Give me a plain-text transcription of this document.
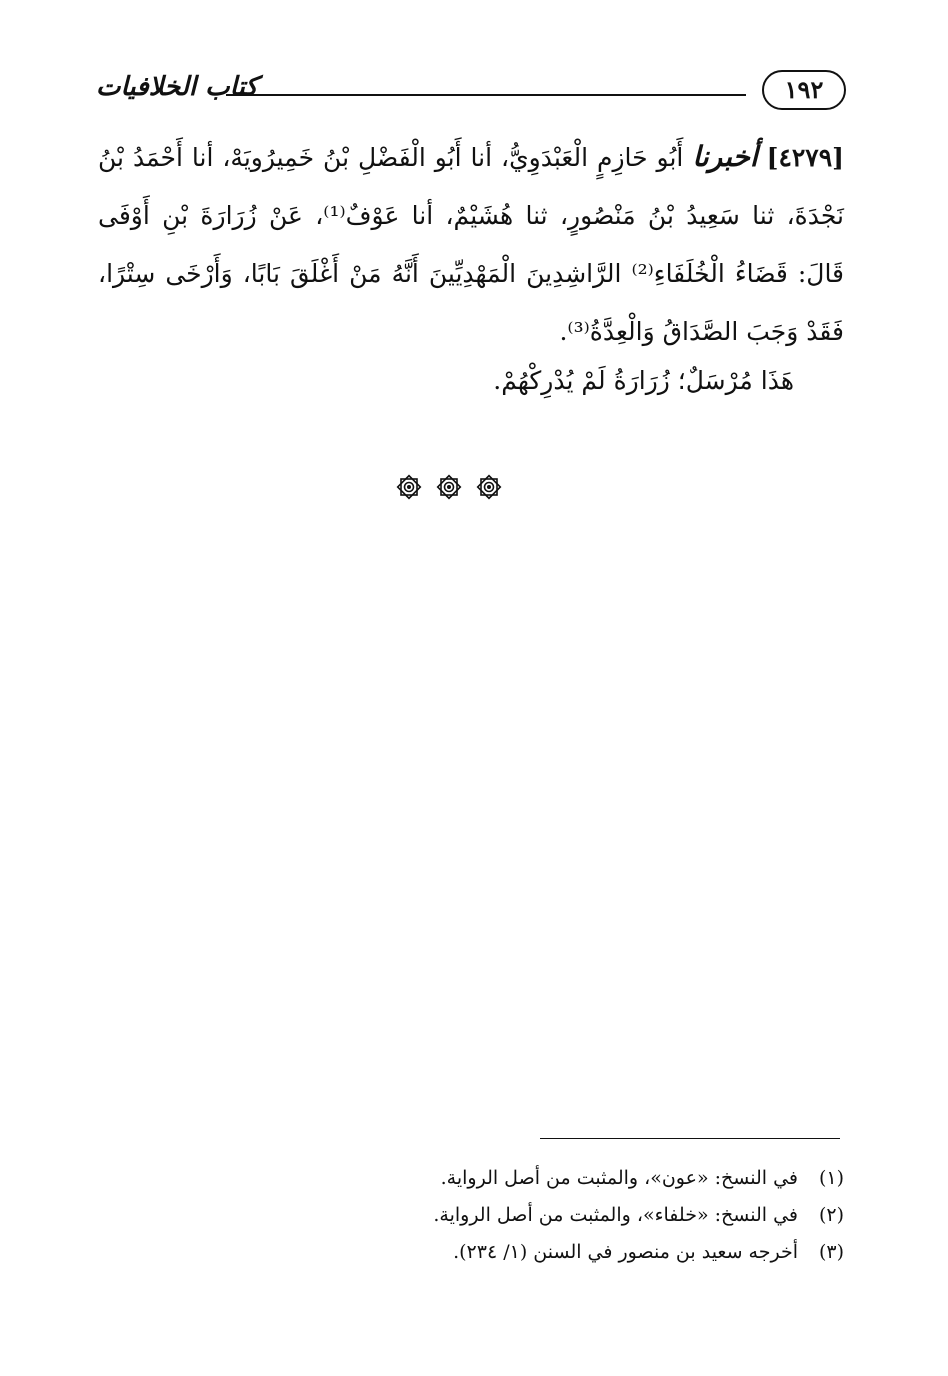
كتاب الخلافيات	١٩٢

[٤٢٧٩] أخبرنا أَبُو حَازِمٍ الْعَبْدَوِيُّ، أنا أَبُو الْفَضْلِ بْنُ خَمِيرُويَهْ، أنا أَحْمَدُ بْنُ نَجْدَةَ، ثنا سَعِيدُ بْنُ مَنْصُورٍ، ثنا هُشَيْمٌ، أنا عَوْفٌ⁽¹⁾، عَنْ زُرَارَةَ بْنِ أَوْفَى قَالَ: قَضَاءُ الْخُلَفَاءِ⁽²⁾ الرَّاشِدِينَ الْمَهْدِيِّينَ أَنَّهُ مَنْ أَغْلَقَ بَابًا، وَأَرْخَى سِتْرًا، فَقَدْ وَجَبَ الصَّدَاقُ وَالْعِدَّةُ⁽³⁾.

هَذَا مُرْسَلٌ؛ زُرَارَةُ لَمْ يُدْرِكْهُمْ.

(١)
في النسخ: «عون»، والمثبت من أصل الرواية.
(٢)
في النسخ: «خلفاء»، والمثبت من أصل الرواية.
(٣)
أخرجه سعيد بن منصور في السنن (١/ ٢٣٤).
